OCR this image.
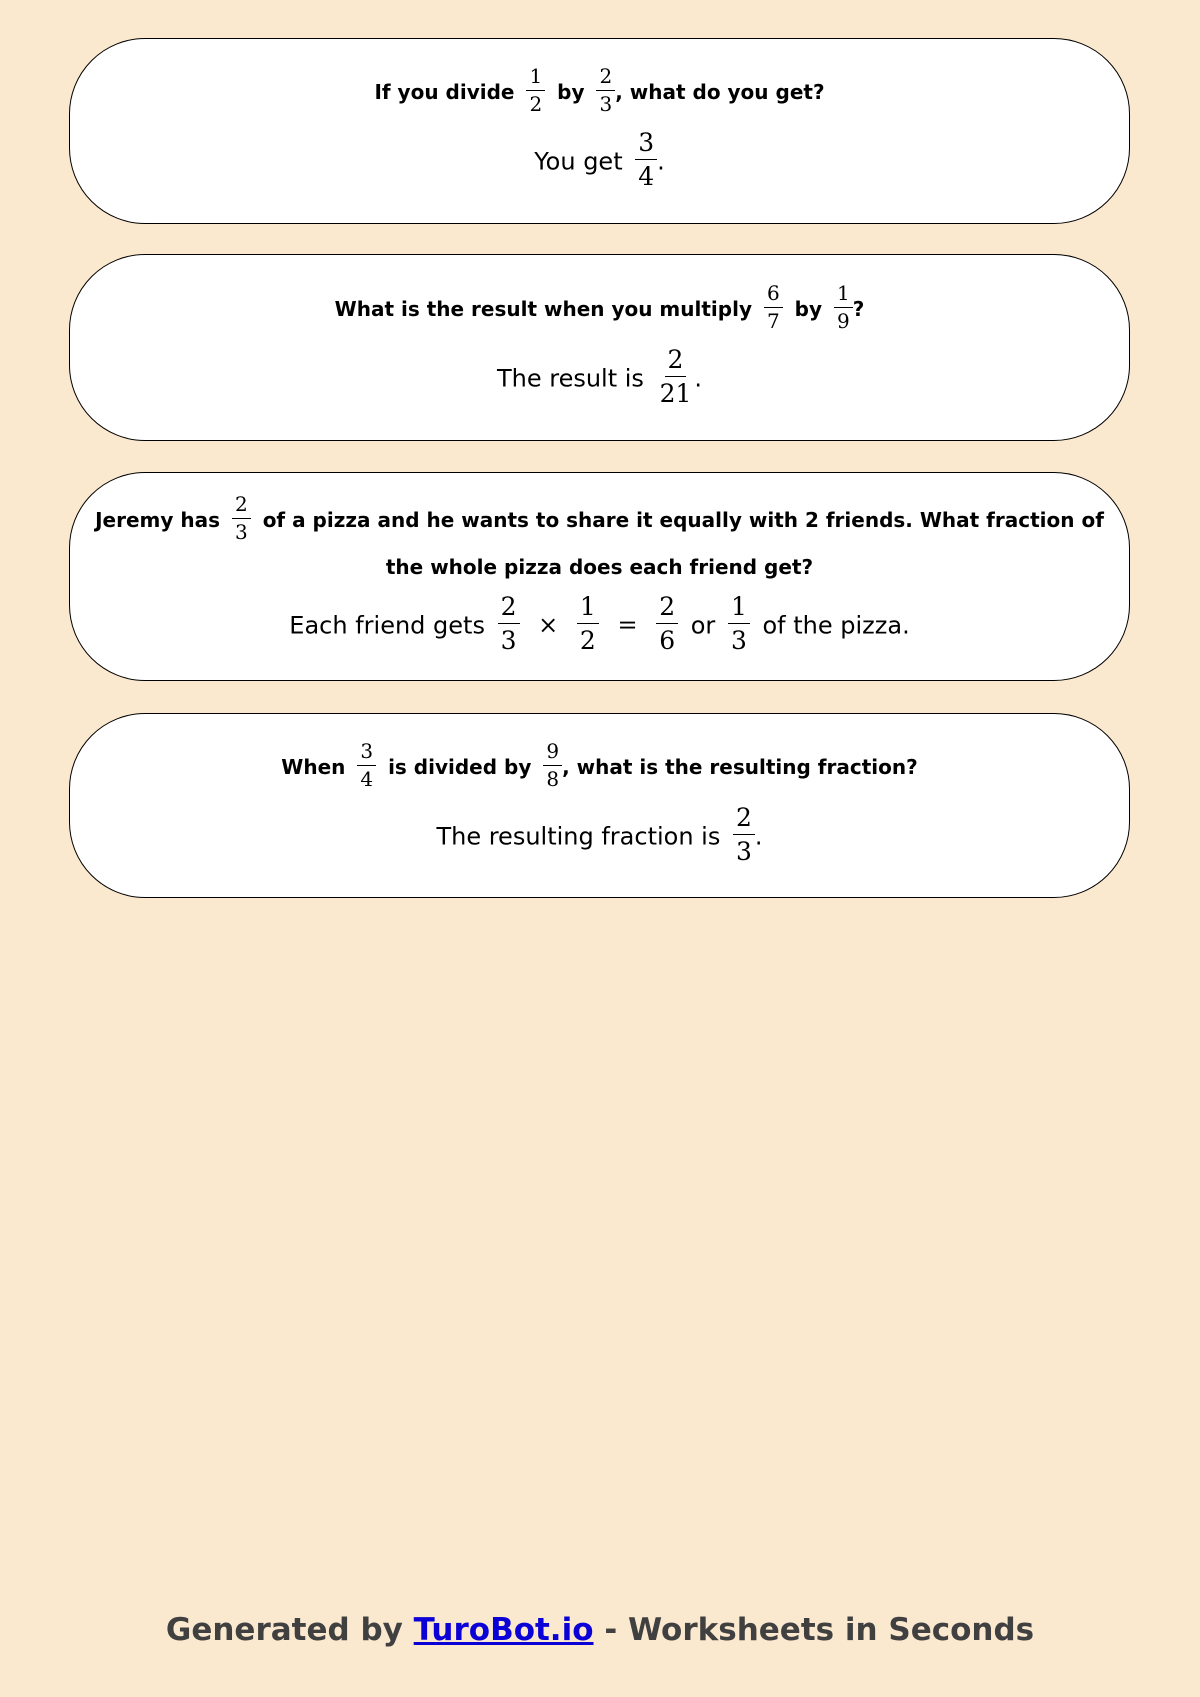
If you divide $\frac{1}{2}$ by $\frac{2}{3}$ , what do you get?
You get $\frac{3}{4}$ .
What is the result when you multiply $\frac{6}{7}$ by $\frac{1}{9}$ ?
The result is $\frac{2}{21}$ .
Jeremy has $\frac{2}{3}$ of a pizza and he wants to share it equally with 2 friends. What fraction of the whole pizza does each friend get?
Each friend gets $\frac{2}{3} \times \frac{1}{2} = \frac{2}{6}$ or $\frac{1}{3}$ of the pizza.
When $\frac{3}{4}$ is divided by $\frac{9}{8}$ , what is the resulting fraction?
The resulting fraction is $\frac{2}{3}$ .
Generated by TuroBot.io - Worksheets in Seconds
